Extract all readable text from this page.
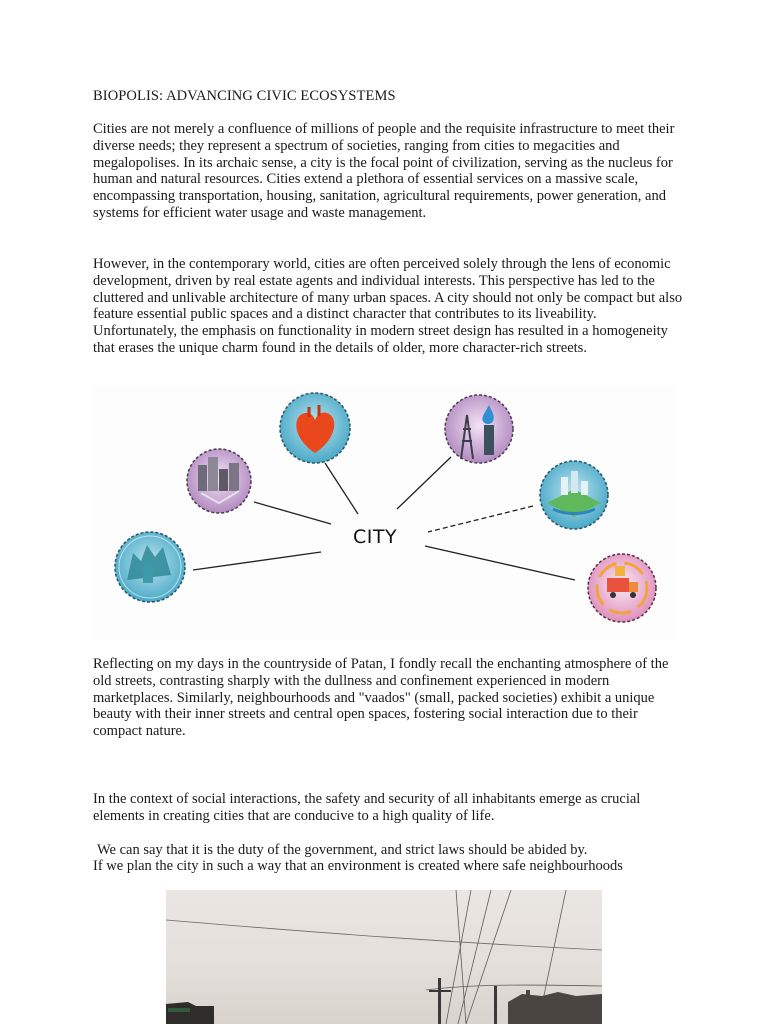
BIOPOLIS: ADVANCING CIVIC ECOSYSTEMS

Cities are not merely a confluence of millions of people and the requisite infrastructure to meet their diverse needs; they represent a spectrum of societies, ranging from cities to megacities and megalopolises. In its archaic sense, a city is the focal point of civilization, serving as the nucleus for human and natural resources. Cities extend a plethora of essential services on a massive scale, encompassing transportation, housing, sanitation, agricultural requirements, power generation, and systems for efficient water usage and waste management.

However, in the contemporary world, cities are often perceived solely through the lens of economic development, driven by real estate agents and individual interests. This perspective has led to the cluttered and unlivable architecture of many urban spaces. A city should not only be compact but also feature essential public spaces and a distinct character that contributes to its liveability. Unfortunately, the emphasis on functionality in modern street design has resulted in a homogeneity that erases the unique charm found in the details of older, more character-rich streets.

CITY

Reflecting on my days in the countryside of Patan, I fondly recall the enchanting atmosphere of the old streets, contrasting sharply with the dullness and confinement experienced in modern marketplaces. Similarly, neighbourhoods and "vaados" (small, packed societies) exhibit a unique beauty with their inner streets and central open spaces, fostering social interaction due to their compact nature.

In the context of social interactions, the safety and security of all inhabitants emerge as crucial elements in creating cities that are conducive to a high quality of life.

We can say that it is the duty of the government, and strict laws should be abided by.

If we plan the city in such a way that an environment is created where safe neighbourhoods
